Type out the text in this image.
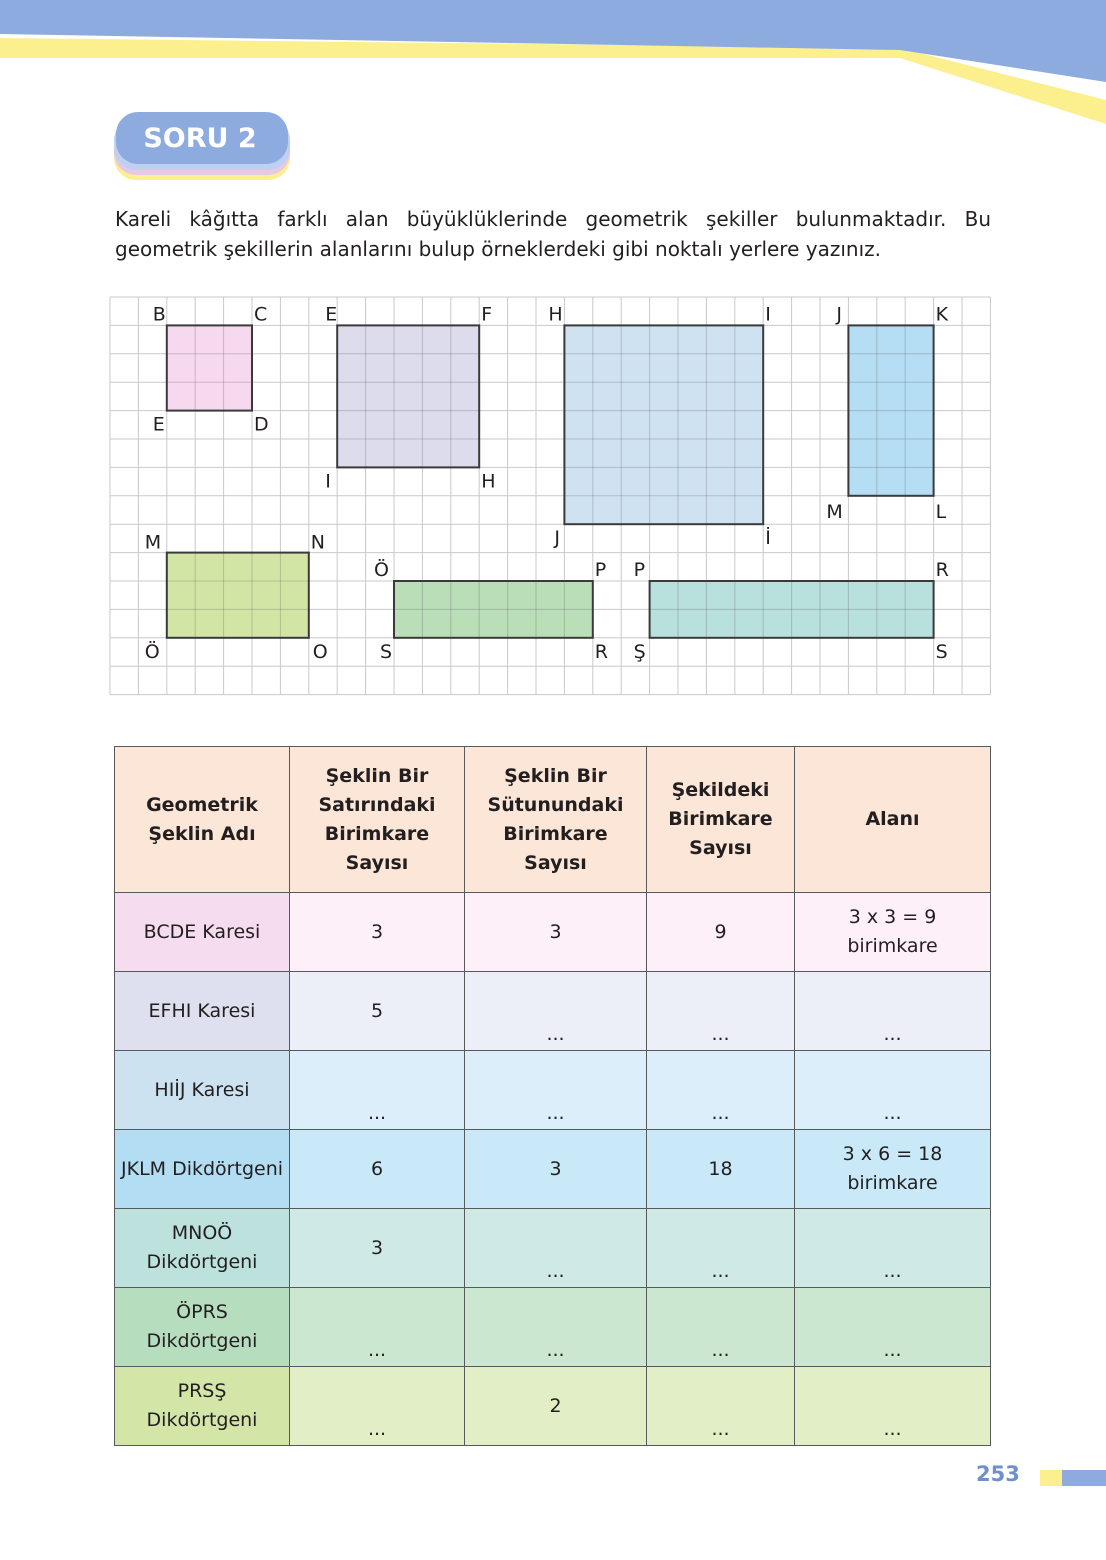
SORU 2

Kareli kâğıtta farklı alan büyüklüklerinde geometrik şekiller bulunmaktadır. Bu geometrik şekillerin alanlarını bulup örneklerdeki gibi noktalı yerlere yazınız.

B	C
D
E
E	F
H
I
H	I
İ
J
J	K
L
M
M	N
O
Ö
Ö	P
R
S
P	R
S
Ş
Geometrik Şeklin Adı	Şeklin Bir Satırındaki Birimkare Sayısı	Şeklin Bir Sütunundaki Birimkare Sayısı	Şekildeki Birimkare Sayısı	Alanı
BCDE Karesi	3	3	9	3 x 3 = 9 birimkare
EFHI Karesi	5	...	...	...

HIİJ Karesi	...	...	...	...

JKLM Dikdörtgeni	6	3	18	3 x 6 = 18 birimkare
MNOÖ Dikdörtgeni	3	...	...	...

ÖPRS Dikdörtgeni	...	...	...	...

PRSŞ Dikdörtgeni	...	2	...	...
253
